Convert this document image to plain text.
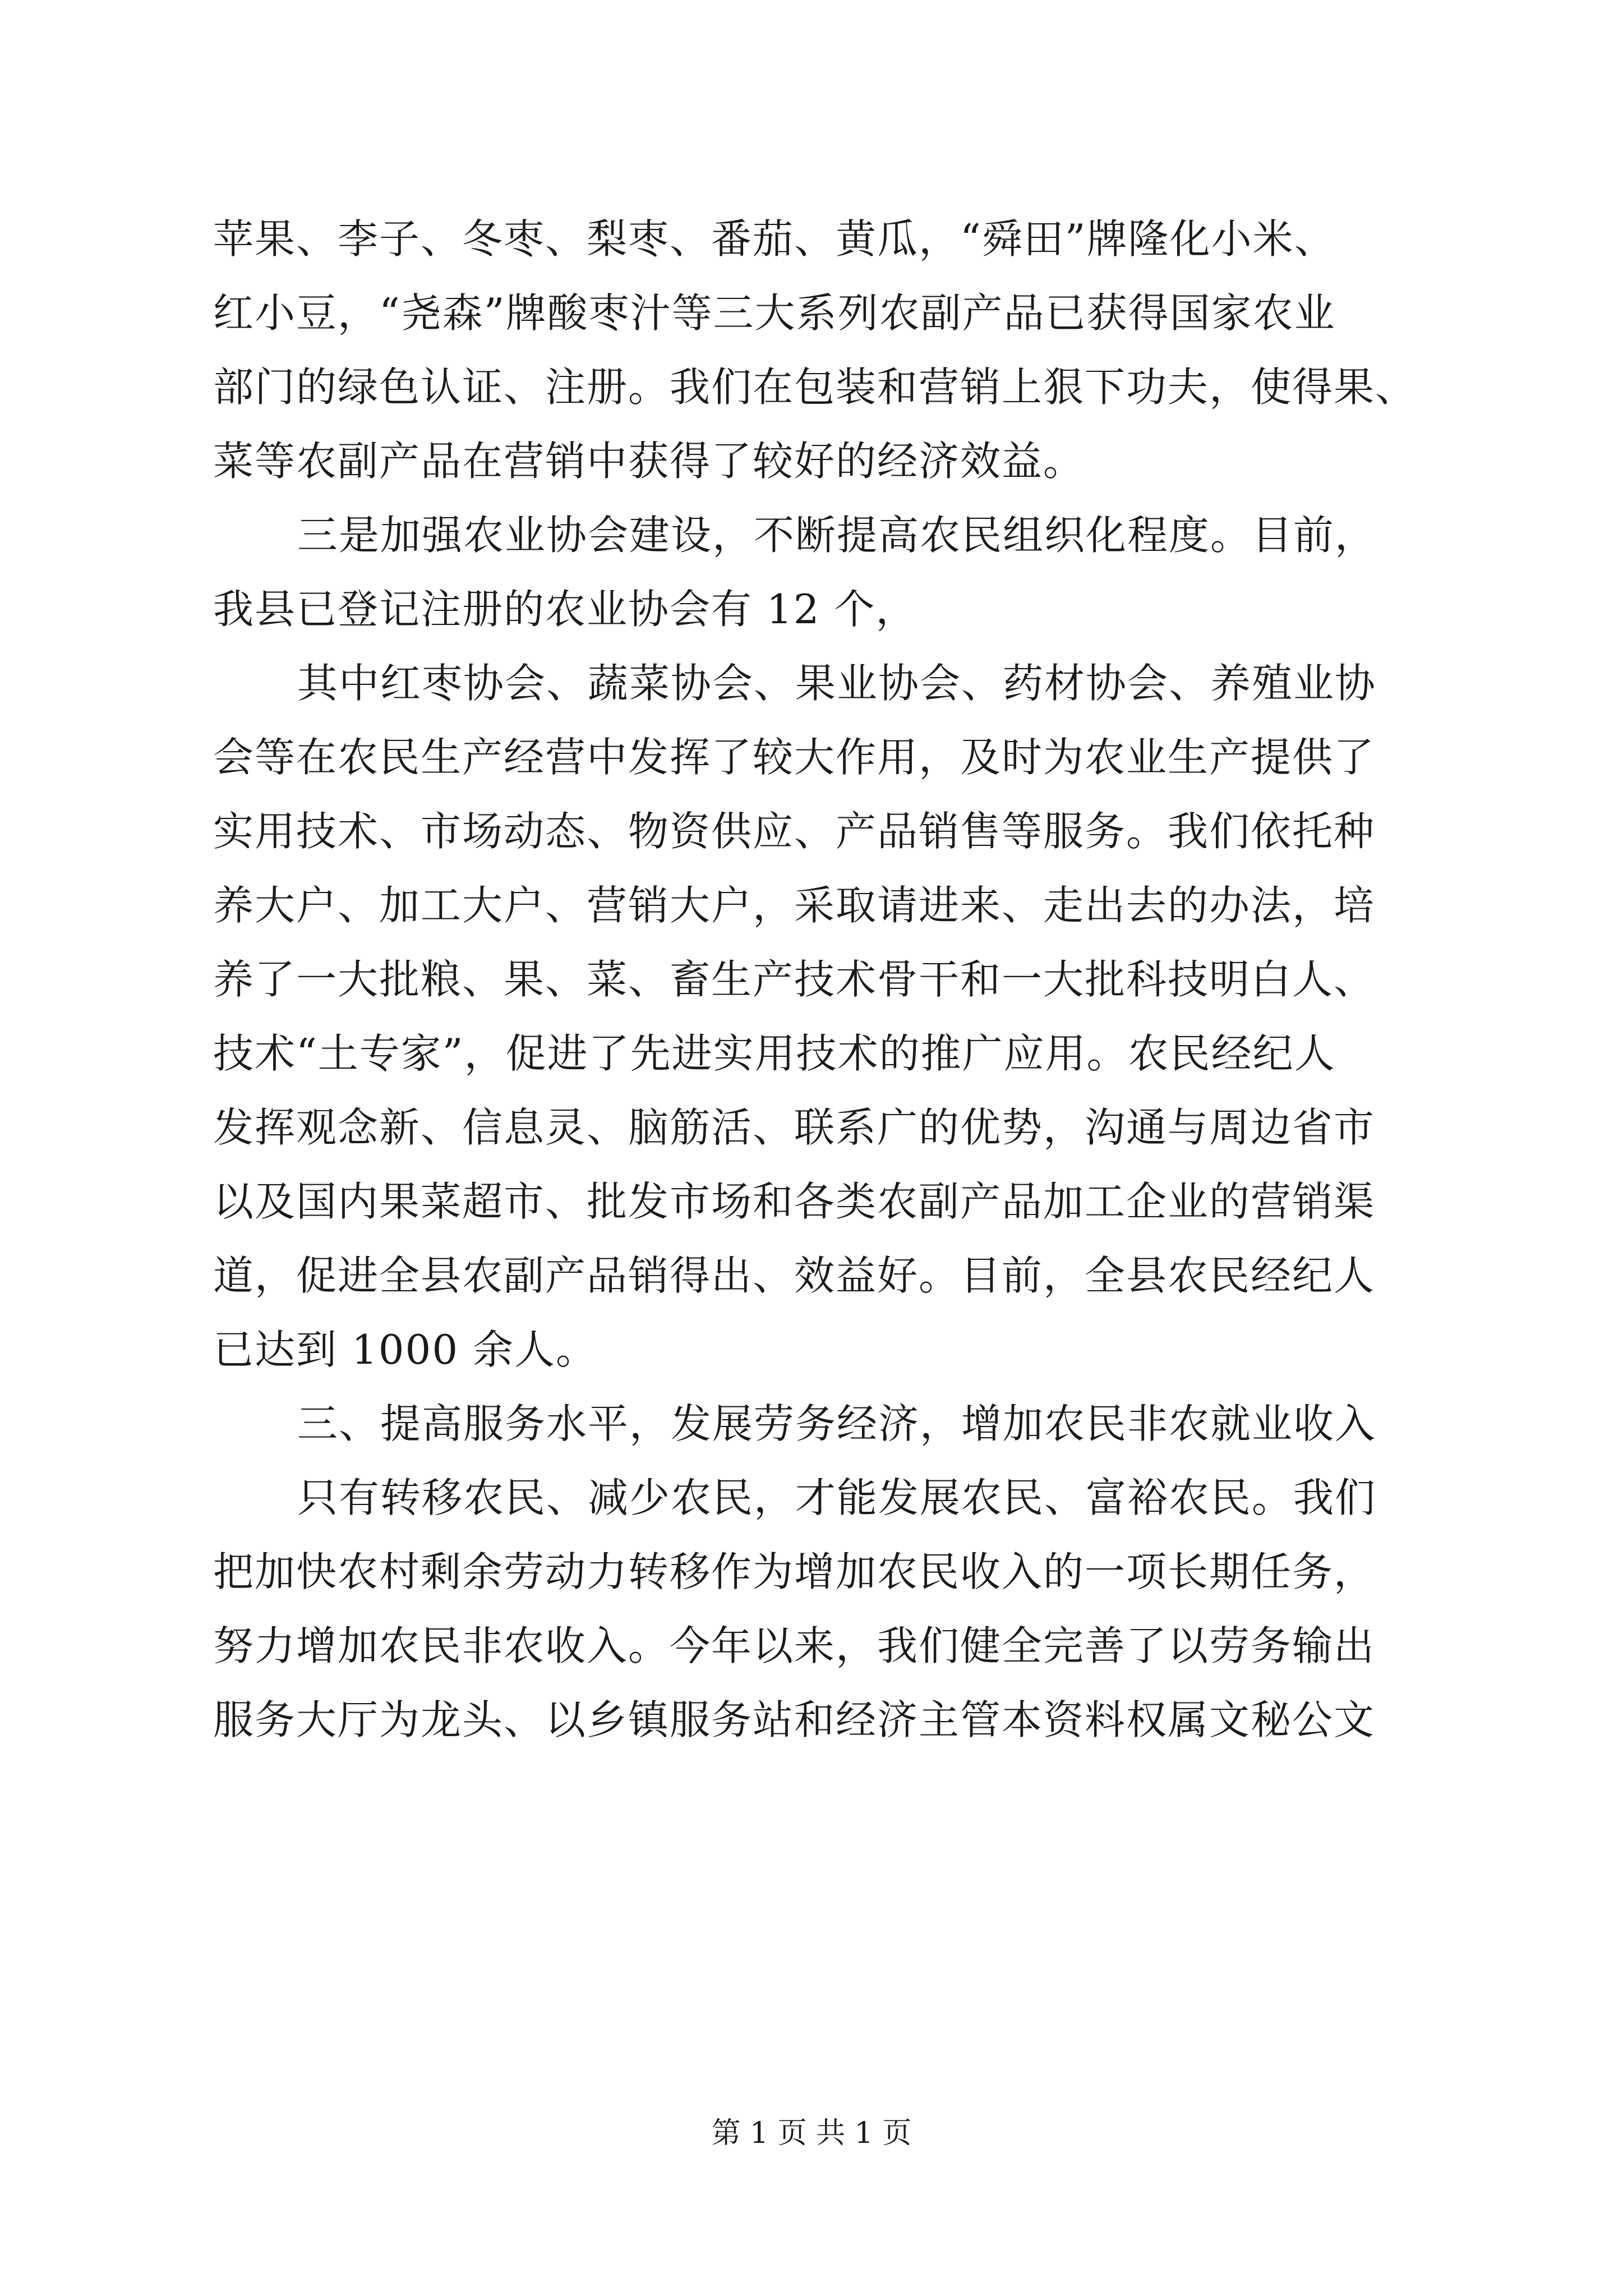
苹果、李子、冬枣、梨枣、番茄、黄瓜，“舜田”牌隆化小米、
红小豆，“尧森”牌酸枣汁等三大系列农副产品已获得国家农业
部门的绿色认证、注册。我们在包装和营销上狠下功夫，使得果、
菜等农副产品在营销中获得了较好的经济效益。
三是加强农业协会建设，不断提高农民组织化程度。目前，
我县已登记注册的农业协会有 12 个，
其中红枣协会、蔬菜协会、果业协会、药材协会、养殖业协
会等在农民生产经营中发挥了较大作用，及时为农业生产提供了
实用技术、市场动态、物资供应、产品销售等服务。我们依托种
养大户、加工大户、营销大户，采取请进来、走出去的办法，培
养了一大批粮、果、菜、畜生产技术骨干和一大批科技明白人、
技术“土专家”，促进了先进实用技术的推广应用。农民经纪人
发挥观念新、信息灵、脑筋活、联系广的优势，沟通与周边省市
以及国内果菜超市、批发市场和各类农副产品加工企业的营销渠
道，促进全县农副产品销得出、效益好。目前，全县农民经纪人
已达到 1000 余人。
三、提高服务水平，发展劳务经济，增加农民非农就业收入
只有转移农民、减少农民，才能发展农民、富裕农民。我们
把加快农村剩余劳动力转移作为增加农民收入的一项长期任务，
努力增加农民非农收入。今年以来，我们健全完善了以劳务输出
服务大厅为龙头、以乡镇服务站和经济主管本资料权属文秘公文
第 1 页 共 1 页
